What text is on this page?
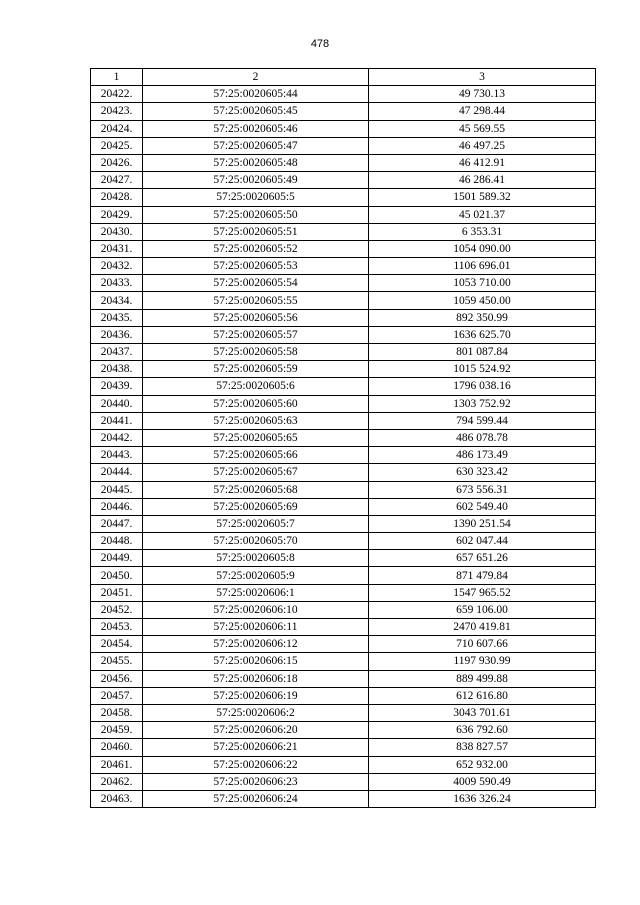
478
1	2	3
20422.	57:25:0020605:44	49 730.13
20423.	57:25:0020605:45	47 298.44
20424.	57:25:0020605:46	45 569.55
20425.	57:25:0020605:47	46 497.25
20426.	57:25:0020605:48	46 412.91
20427.	57:25:0020605:49	46 286.41
20428.	57:25:0020605:5	1501 589.32
20429.	57:25:0020605:50	45 021.37
20430.	57:25:0020605:51	6 353.31
20431.	57:25:0020605:52	1054 090.00
20432.	57:25:0020605:53	1106 696.01
20433.	57:25:0020605:54	1053 710.00
20434.	57:25:0020605:55	1059 450.00
20435.	57:25:0020605:56	892 350.99
20436.	57:25:0020605:57	1636 625.70
20437.	57:25:0020605:58	801 087.84
20438.	57:25:0020605:59	1015 524.92
20439.	57:25:0020605:6	1796 038.16
20440.	57:25:0020605:60	1303 752.92
20441.	57:25:0020605:63	794 599.44
20442.	57:25:0020605:65	486 078.78
20443.	57:25:0020605:66	486 173.49
20444.	57:25:0020605:67	630 323.42
20445.	57:25:0020605:68	673 556.31
20446.	57:25:0020605:69	602 549.40
20447.	57:25:0020605:7	1390 251.54
20448.	57:25:0020605:70	602 047.44
20449.	57:25:0020605:8	657 651.26
20450.	57:25:0020605:9	871 479.84
20451.	57:25:0020606:1	1547 965.52
20452.	57:25:0020606:10	659 106.00
20453.	57:25:0020606:11	2470 419.81
20454.	57:25:0020606:12	710 607.66
20455.	57:25:0020606:15	1197 930.99
20456.	57:25:0020606:18	889 499.88
20457.	57:25:0020606:19	612 616.80
20458.	57:25:0020606:2	3043 701.61
20459.	57:25:0020606:20	636 792.60
20460.	57:25:0020606:21	838 827.57
20461.	57:25:0020606:22	652 932.00
20462.	57:25:0020606:23	4009 590.49
20463.	57:25:0020606:24	1636 326.24
